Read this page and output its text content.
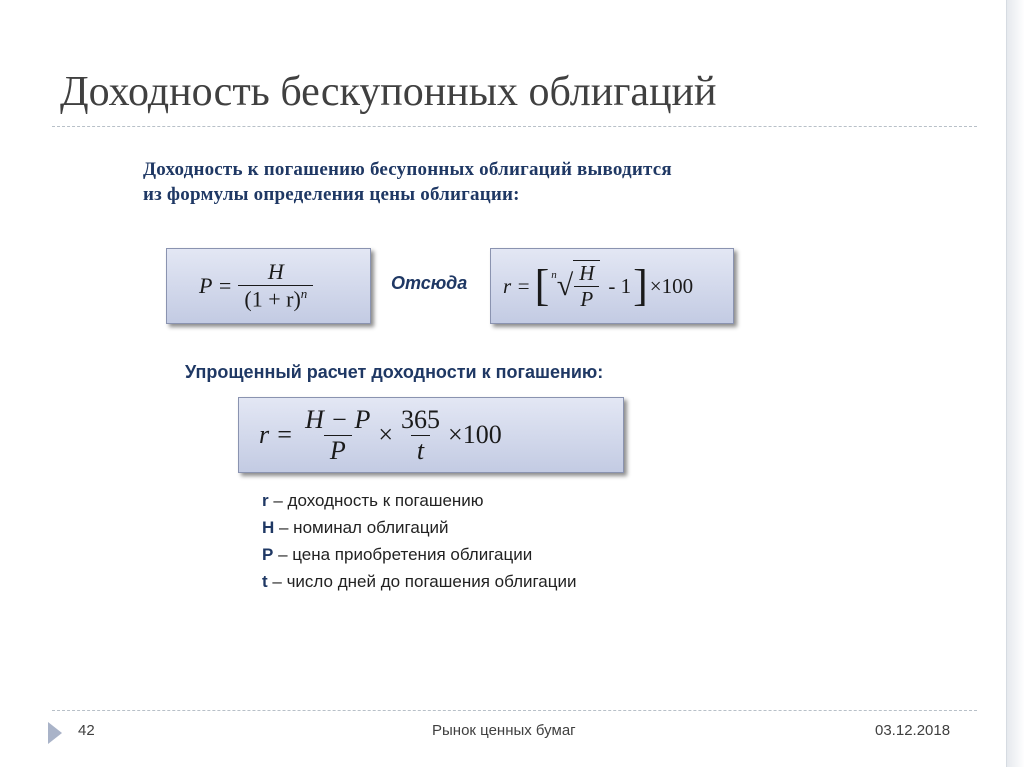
Доходность бескупонных облигаций
Доходность к погашению бесупонных облигаций выводится
из формулы определения цены облигации:
$P = \frac{H}{(1 + r)^n}$	Отсюда r = [$^n$ √ $\frac{H}{P} - 1$ ] ×100
Упрощенный расчет доходности к погашению:
$r = \frac{H - P}{P} \times \frac{365}{t} \times 100$
r – доходность к погашению
H – номинал облигаций
P – цена приобретения облигации
t – число дней до погашения облигации
42	Рынок ценных бумаг	03.12.2018
